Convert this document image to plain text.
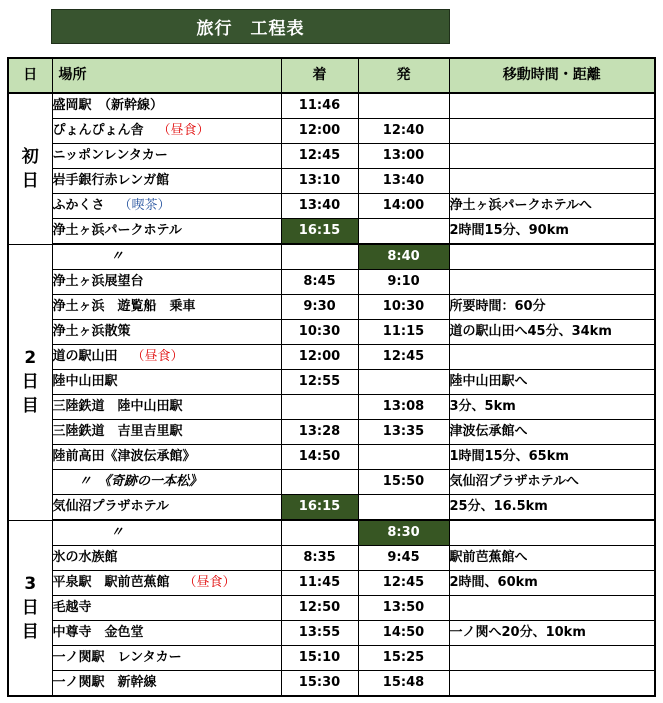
旅行　工程表
日	場所	着	発	移動時間・距離

初
日	盛岡駅　（新幹線）	11:46		
	ぴょんぴょん舎 （昼食）	12:00	12:40	
	ニッポンレンタカー	12:45	13:00	
	岩手銀行赤レンガ館	13:10	13:40	
	ふかくさ （喫茶）	13:40	14:00	浄土ヶ浜パークホテルへ
	浄土ヶ浜パークホテル	16:15		2時間15分、90km

2
日
目	〃		8:40	
	浄土ヶ浜展望台	8:45	9:10	
	浄土ヶ浜　遊覧船　乗車	9:30	10:30	所要時間：60分
	浄土ヶ浜散策	10:30	11:15	道の駅山田へ45分、34km
	道の駅山田 （昼食）	12:00	12:45	
	陸中山田駅	12:55		陸中山田駅へ
	三陸鉄道　陸中山田駅		13:08	3分、5km
	三陸鉄道　吉里吉里駅	13:28	13:35	津波伝承館へ
	陸前高田《津波伝承館》	14:50		1時間15分、65km
	〃　《奇跡の一本松》		15:50	気仙沼プラザホテルへ
	気仙沼プラザホテル	16:15		25分、16.5km

3
日
目	〃		8:30	
	氷の水族館	8:35	9:45	駅前芭蕉館へ
	平泉駅　駅前芭蕉館 （昼食）	11:45	12:45	2時間、60km
	毛越寺	12:50	13:50	
	中尊寺　金色堂	13:55	14:50	一ノ関へ20分、10km
	一ノ関駅　レンタカー	15:10	15:25	
	一ノ関駅　新幹線	15:30	15:48	
